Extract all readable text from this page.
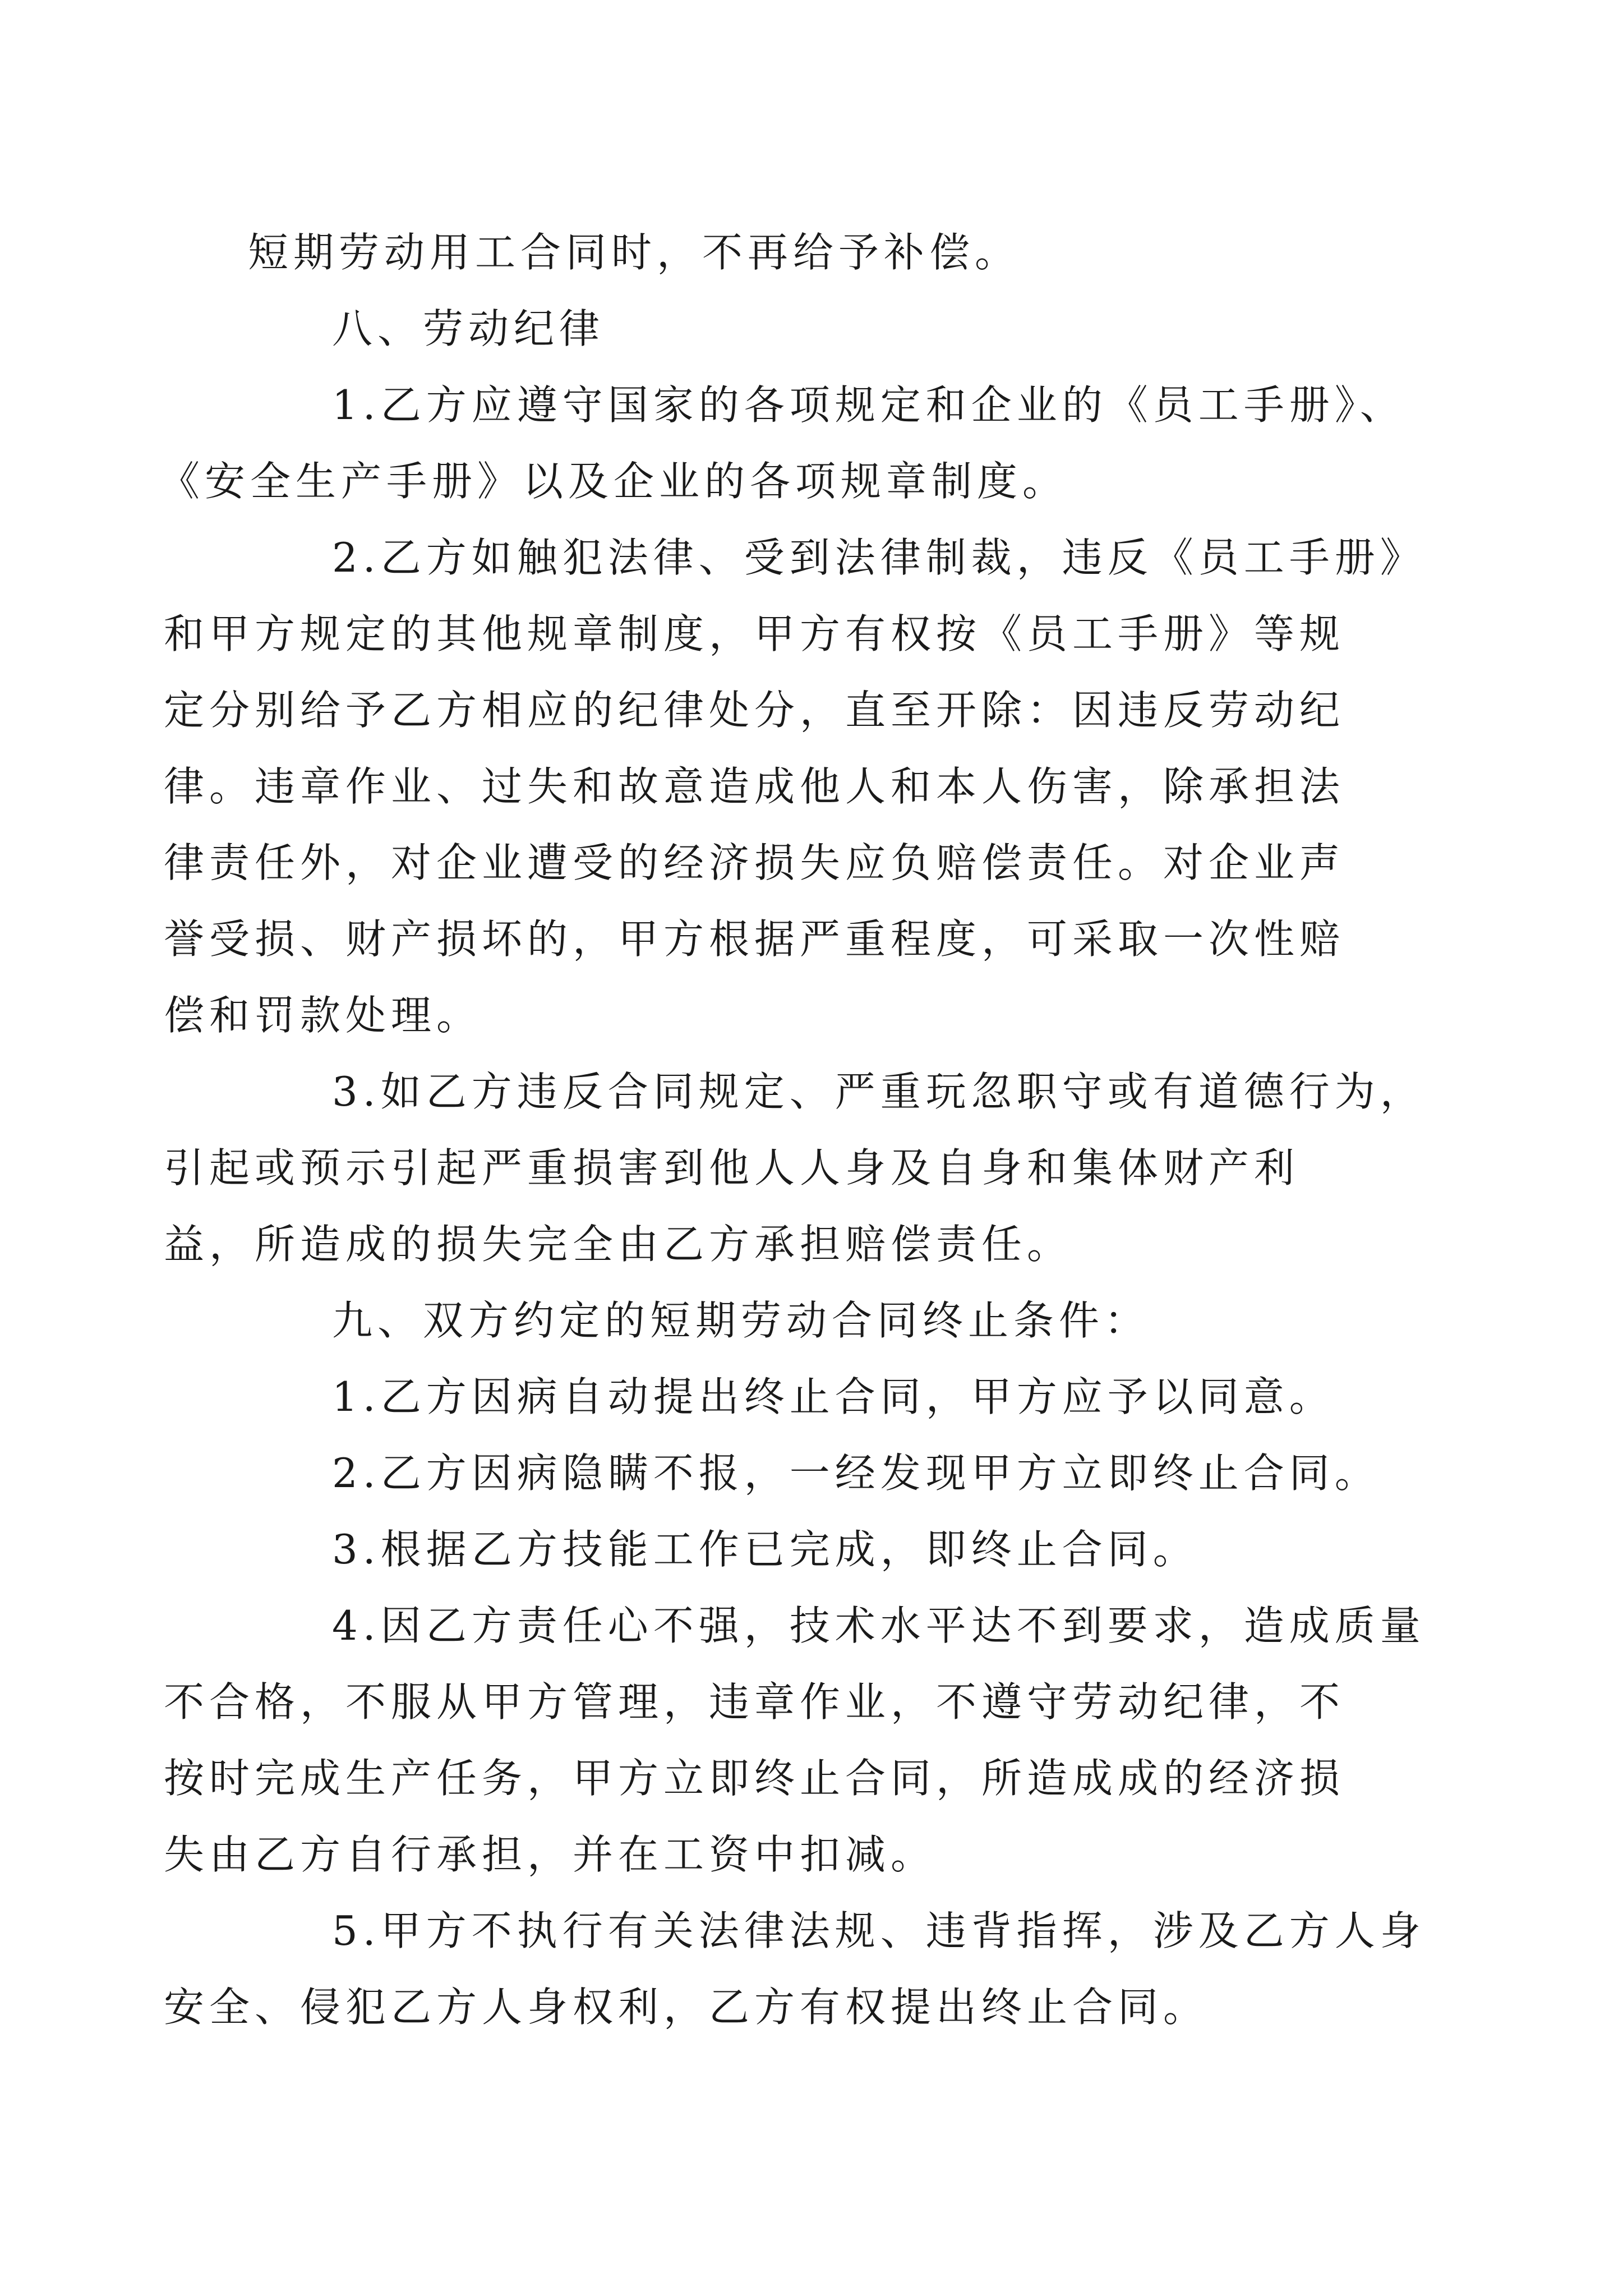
短期劳动用工合同时，不再给予补偿。

八、劳动纪律

1.乙方应遵守国家的各项规定和企业的《员工手册》、
《安全生产手册》以及企业的各项规章制度。

2.乙方如触犯法律、受到法律制裁，违反《员工手册》
和甲方规定的其他规章制度，甲方有权按《员工手册》等规
定分别给予乙方相应的纪律处分，直至开除：因违反劳动纪
律。违章作业、过失和故意造成他人和本人伤害，除承担法
律责任外，对企业遭受的经济损失应负赔偿责任。对企业声
誉受损、财产损坏的，甲方根据严重程度，可采取一次性赔
偿和罚款处理。

3.如乙方违反合同规定、严重玩忽职守或有道德行为，
引起或预示引起严重损害到他人人身及自身和集体财产利
益，所造成的损失完全由乙方承担赔偿责任。

九、双方约定的短期劳动合同终止条件：

1.乙方因病自动提出终止合同，甲方应予以同意。

2.乙方因病隐瞒不报，一经发现甲方立即终止合同。

3.根据乙方技能工作已完成，即终止合同。

4.因乙方责任心不强，技术水平达不到要求，造成质量
不合格，不服从甲方管理，违章作业，不遵守劳动纪律，不
按时完成生产任务，甲方立即终止合同，所造成成的经济损
失由乙方自行承担，并在工资中扣减。

5.甲方不执行有关法律法规、违背指挥，涉及乙方人身
安全、侵犯乙方人身权利，乙方有权提出终止合同。
